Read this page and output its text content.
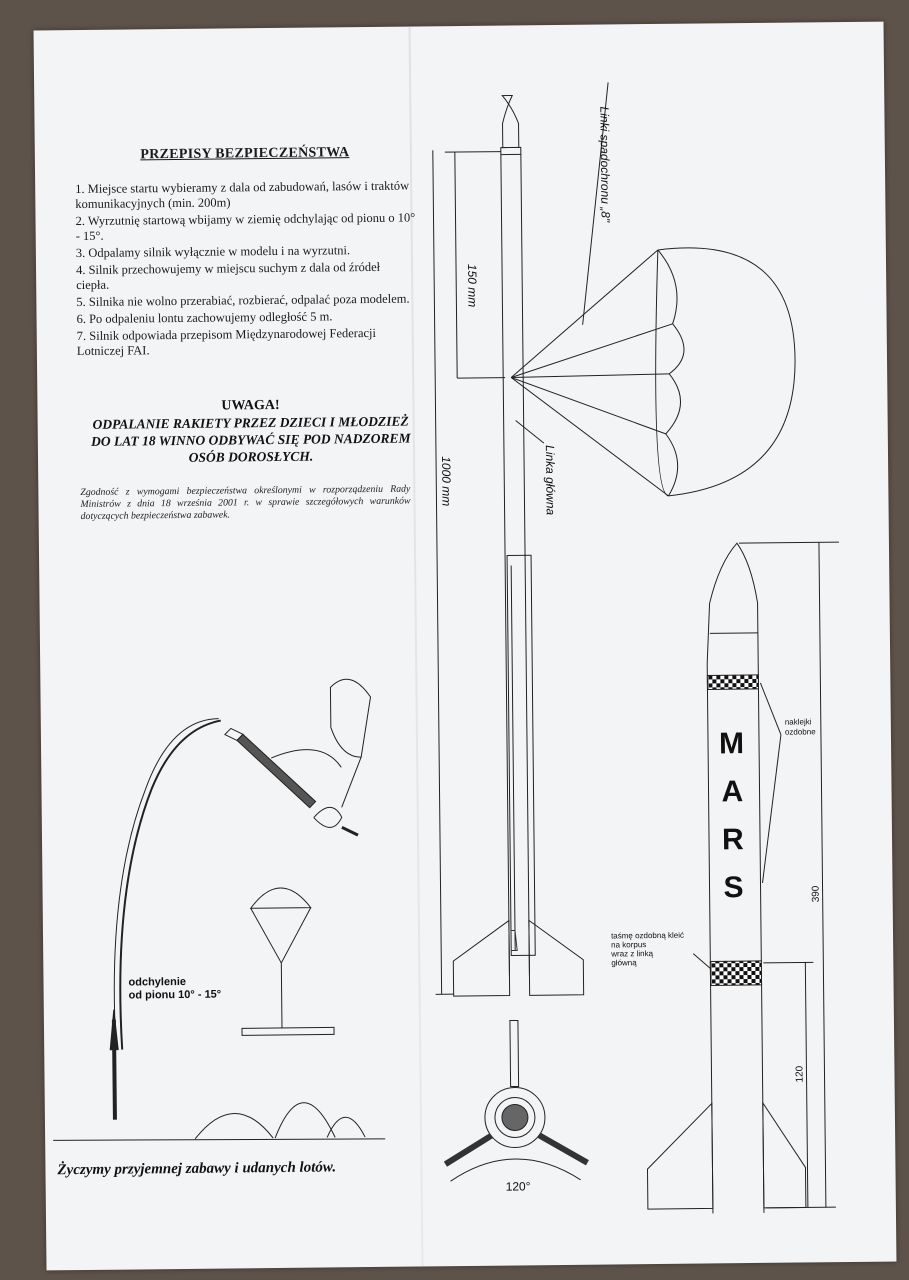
PRZEPISY BEZPIECZEŃSTWA
1. Miejsce startu wybieramy z dala od zabudowań, lasów i traktów komunikacyjnych (min. 200m)
2. Wyrzutnię startową wbijamy w ziemię odchylając od pionu o 10° - 15°.
3. Odpalamy silnik wyłącznie w modelu i na wyrzutni.
4. Silnik przechowujemy w miejscu suchym z dala od źródeł ciepła.
5. Silnika nie wolno przerabiać, rozbierać, odpalać poza modelem.
6. Po odpaleniu lontu zachowujemy odległość 5 m.
7. Silnik odpowiada przepisom Międzynarodowej Federacji Lotniczej FAI.
UWAGA!
ODPALANIE RAKIETY PRZEZ DZIECI I MŁODZIEŻ DO LAT 18 WINNO ODBYWAĆ SIĘ POD NADZOREM OSÓB DOROSŁYCH.
Zgodność z wymogami bezpieczeństwa określonymi w rozporządzeniu Rady Ministrów z dnia 18 września 2001 r. w sprawie szczegółowych warunków dotyczących bezpieczeństwa zabawek.
Życzymy przyjemnej zabawy i udanych lotów.
150 mm
1000 mm
Linki spadochronu „8"
Linka główna
120°
M
A
R
S
naklejki
ozdobne
taśmę ozdobną kleić
na korpus
wraz z linką
główną
390
120
odchylenie
od pionu 10° - 15°
